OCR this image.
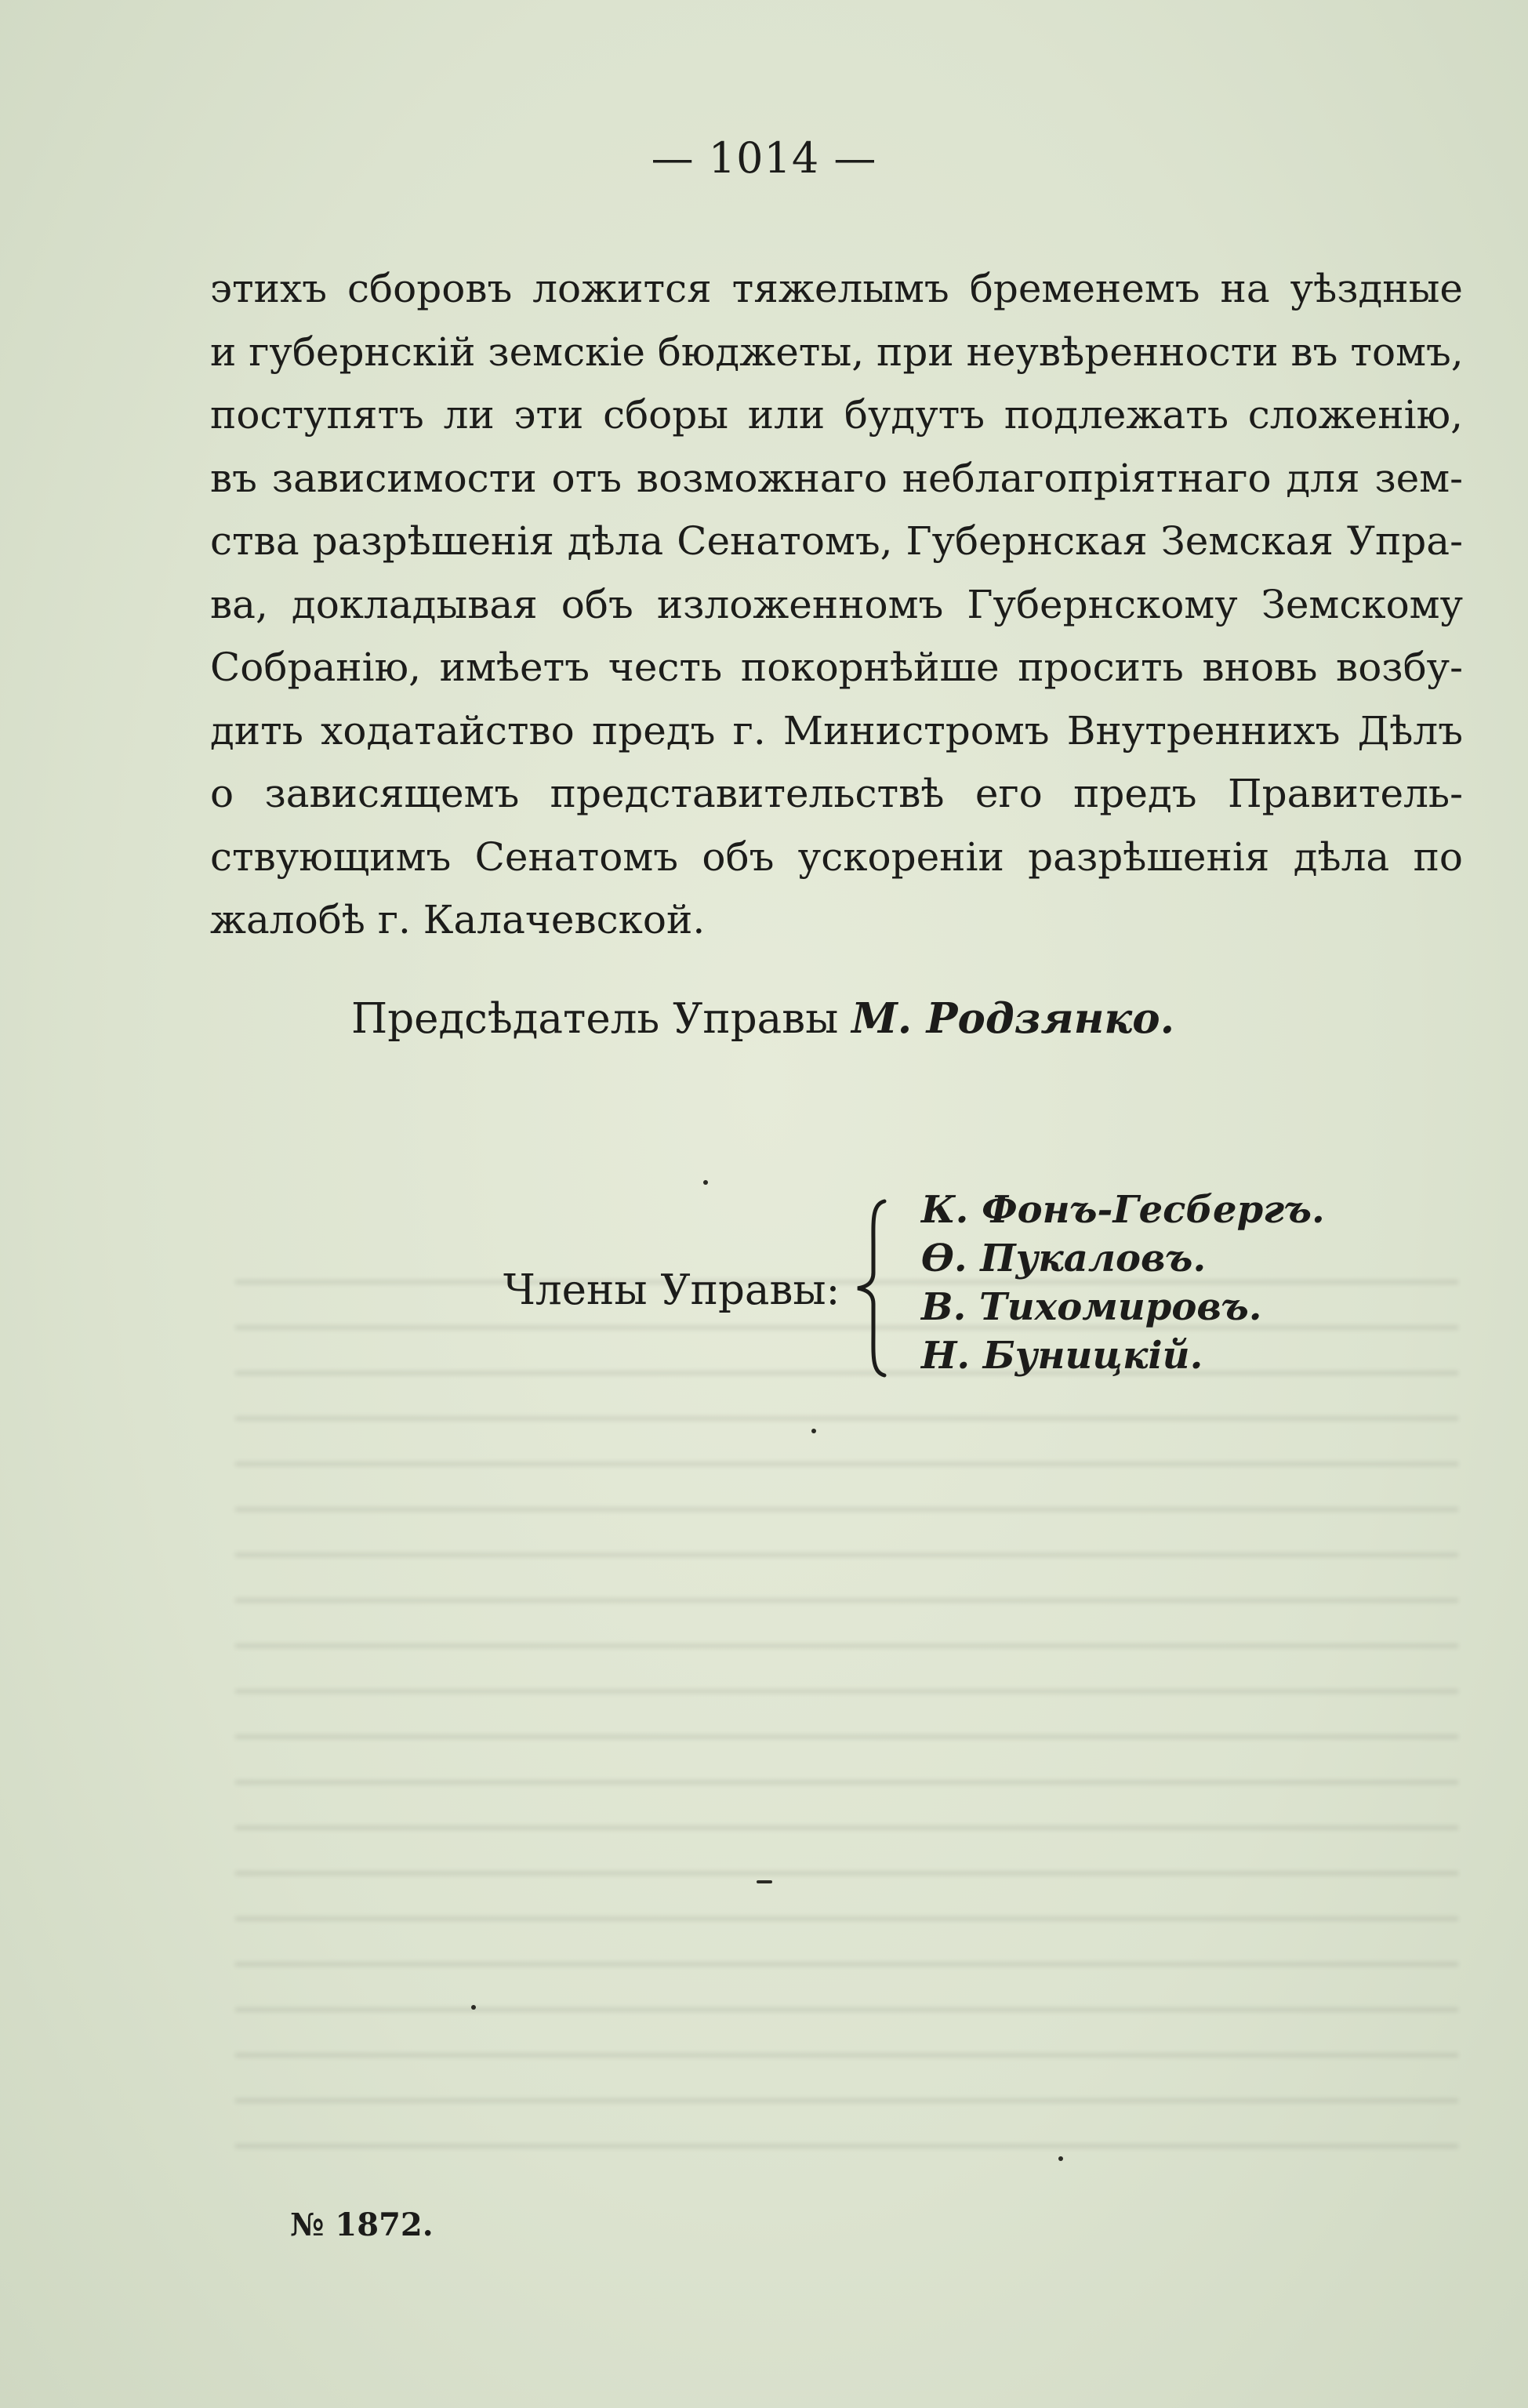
— 1014 —
этихъ сборовъ ложится тяжелымъ бременемъ на уѣздные
и губернскій земскіе бюджеты, при неувѣренности въ томъ,
поступятъ ли эти сборы или будутъ подлежать сложенію,
въ зависимости отъ возможнаго неблагопріятнаго для зем-
ства разрѣшенія дѣла Сенатомъ, Губернская Земская Упра-
ва, докладывая объ изложенномъ Губернскому Земскому
Собранію, имѣетъ честь покорнѣйше просить вновь возбу-
дить ходатайство предъ г. Министромъ Внутреннихъ Дѣлъ
о зависящемъ представительствѣ его предъ Правитель-
ствующимъ Сенатомъ объ ускореніи разрѣшенія дѣла по
жалобѣ г. Калачевской.
Предсѣдатель Управы М. Родзянко.
Члены Управы:
К. Фонъ-Гесбергъ.
Ѳ. Пукаловъ.
В. Тихомировъ.
Н. Буницкій.
№ 1872.
